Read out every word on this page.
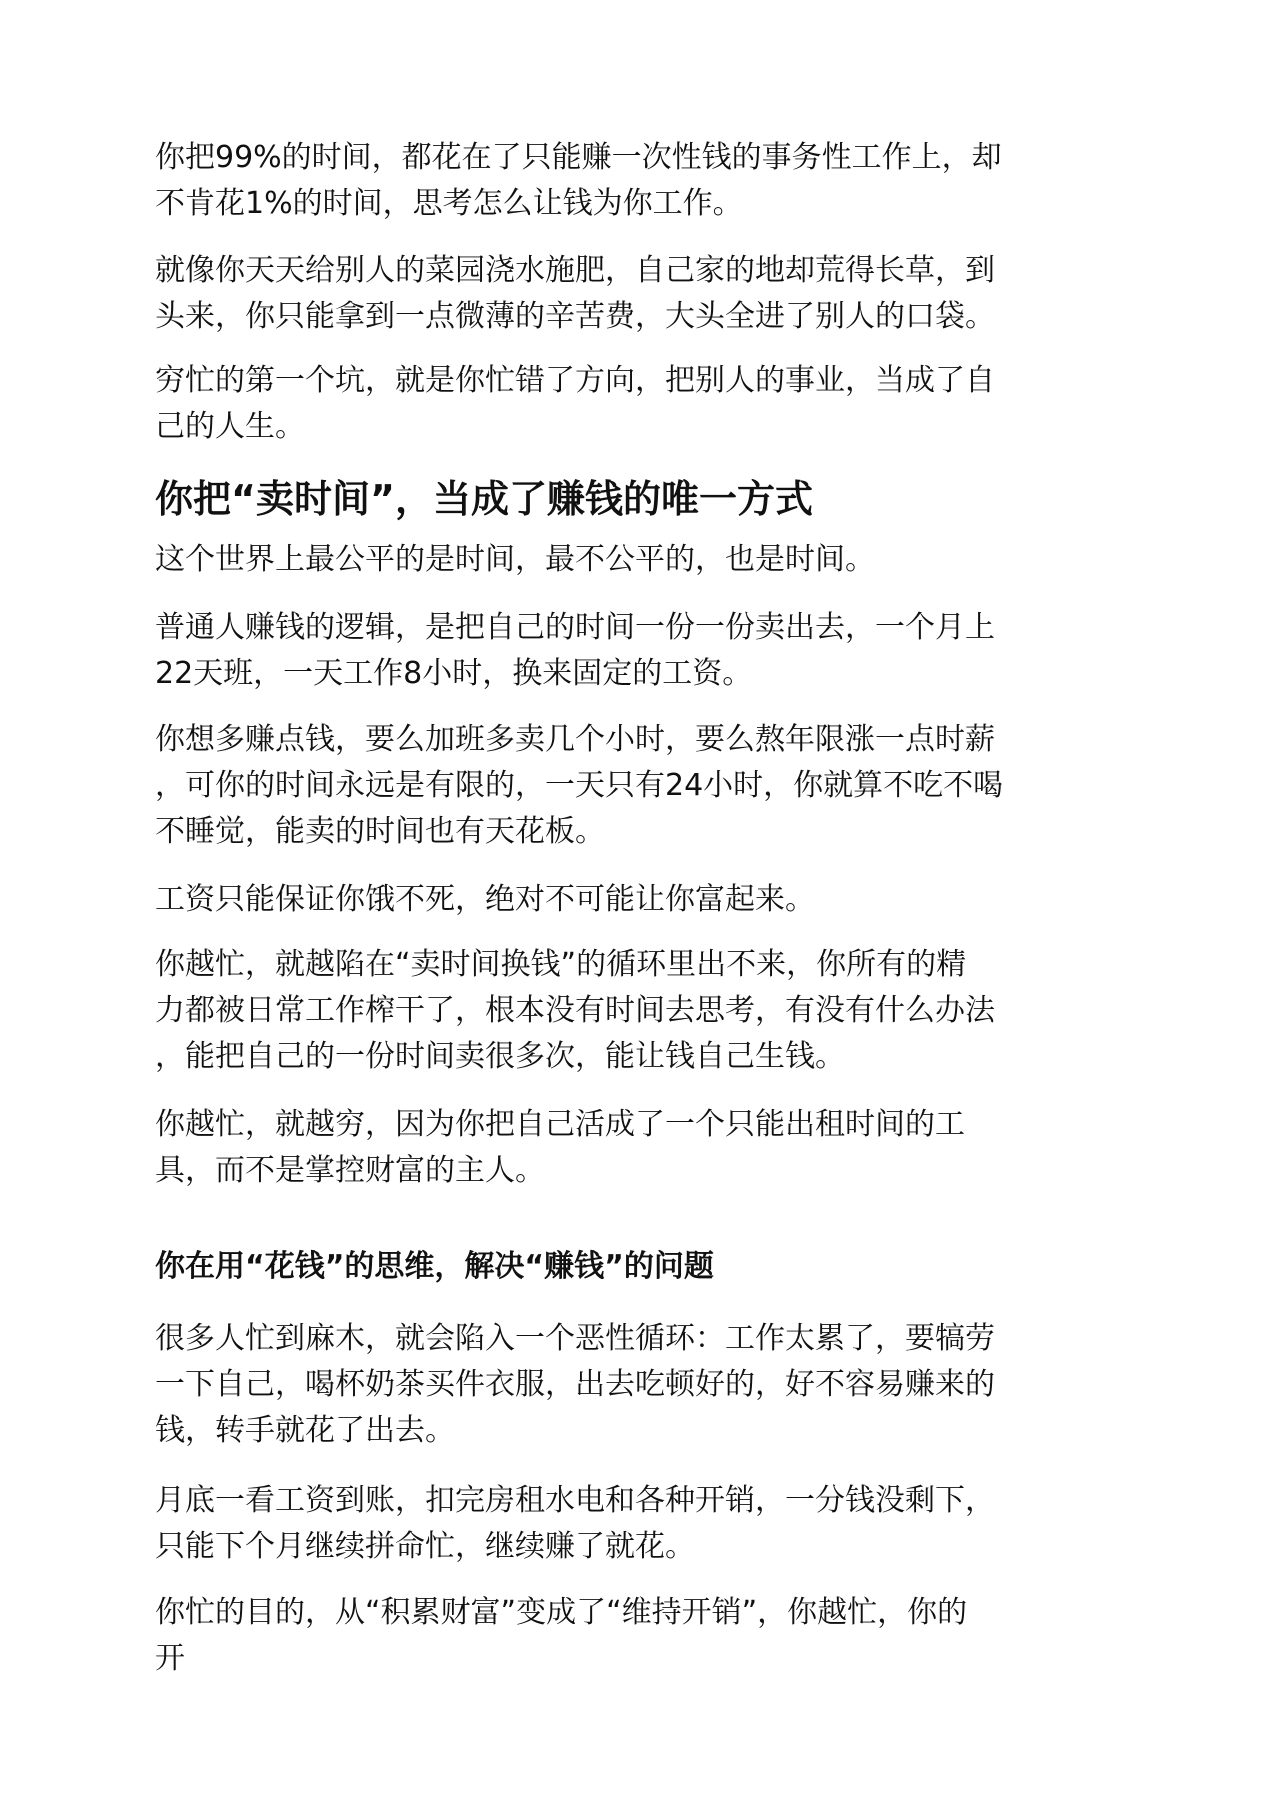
你把99%的时间，都花在了只能赚一次性钱的事务性工作上，却
不肯花1%的时间，思考怎么让钱为你工作。

就像你天天给别人的菜园浇水施肥，自己家的地却荒得长草，到
头来，你只能拿到一点微薄的辛苦费，大头全进了别人的口袋。

穷忙的第一个坑，就是你忙错了方向，把别人的事业，当成了自
己的人生。

你把“卖时间”，当成了赚钱的唯一方式

这个世界上最公平的是时间，最不公平的，也是时间。

普通人赚钱的逻辑，是把自己的时间一份一份卖出去，一个月上
22天班，一天工作8小时，换来固定的工资。

你想多赚点钱，要么加班多卖几个小时，要么熬年限涨一点时薪
，可你的时间永远是有限的，一天只有24小时，你就算不吃不喝
不睡觉，能卖的时间也有天花板。

工资只能保证你饿不死，绝对不可能让你富起来。

你越忙，就越陷在“卖时间换钱”的循环里出不来，你所有的精
力都被日常工作榨干了，根本没有时间去思考，有没有什么办法
，能把自己的一份时间卖很多次，能让钱自己生钱。

你越忙，就越穷，因为你把自己活成了一个只能出租时间的工
具，而不是掌控财富的主人。

你在用“花钱”的思维，解决“赚钱”的问题

很多人忙到麻木，就会陷入一个恶性循环：工作太累了，要犒劳
一下自己，喝杯奶茶买件衣服，出去吃顿好的，好不容易赚来的
钱，转手就花了出去。

月底一看工资到账，扣完房租水电和各种开销，一分钱没剩下，
只能下个月继续拼命忙，继续赚了就花。

你忙的目的，从“积累财富”变成了“维持开销”，你越忙，你的
开
